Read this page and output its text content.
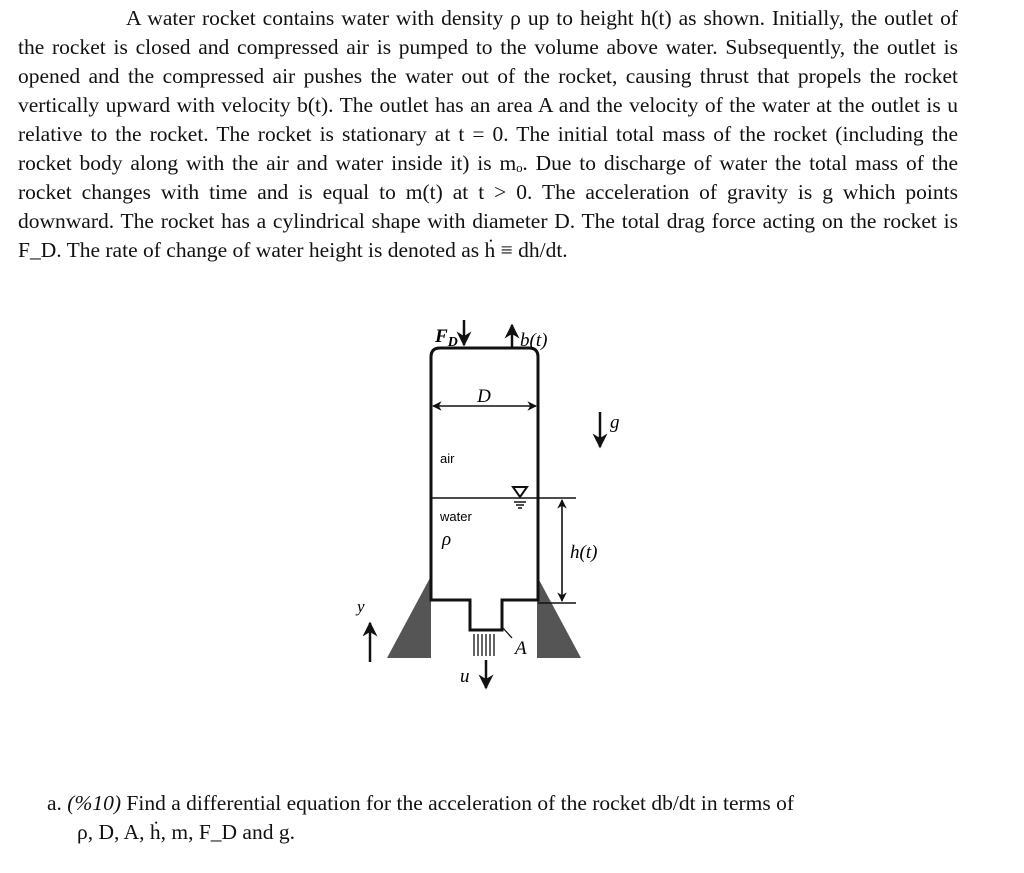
A water rocket contains water with density ρ up to height h(t) as shown. Initially, the outlet of the rocket is closed and compressed air is pumped to the volume above water. Subsequently, the outlet is opened and the compressed air pushes the water out of the rocket, causing thrust that propels the rocket vertically upward with velocity b(t). The outlet has an area A and the velocity of the water at the outlet is u relative to the rocket. The rocket is stationary at t = 0. The initial total mass of the rocket (including the rocket body along with the air and water inside it) is mₒ. Due to discharge of water the total mass of the rocket changes with time and is equal to m(t) at t > 0. The acceleration of gravity is g which points downward. The rocket has a cylindrical shape with diameter D. The total drag force acting on the rocket is F_D. The rate of change of water height is denoted as ḣ ≡ dh/dt.

D
$F_D$	b(t)
g
air
water
ρ
h(t)
y
A
u
a. (%10) Find a differential equation for the acceleration of the rocket db/dt in terms of
ρ, D, A, ḣ, m, F_D and g.
